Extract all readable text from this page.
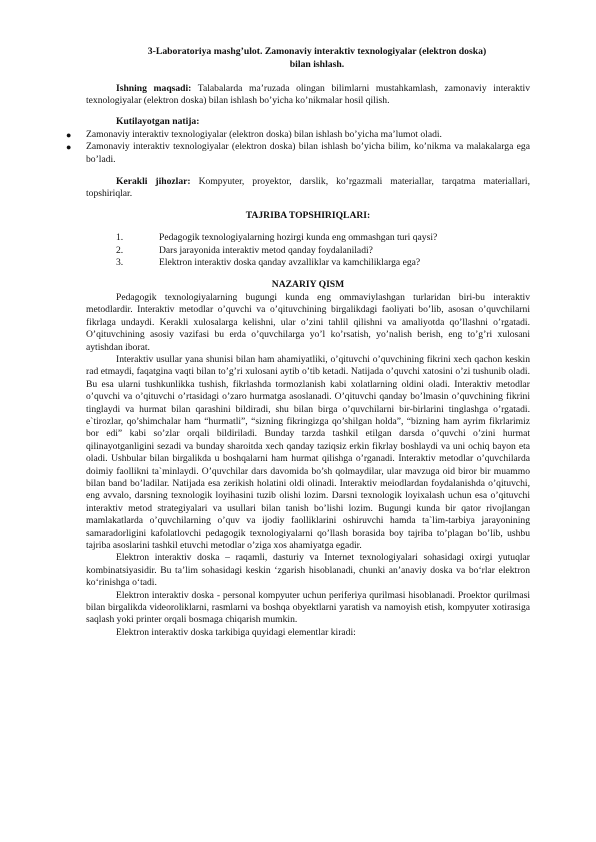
3-Laboratoriya mashg’ulot. Zamonaviy interaktiv texnologiyalar (elektron doska)
bilan ishlash.

Ishning maqsadi: Talabalarda ma’ruzada olingan bilimlarni mustahkamlash, zamonaviy interaktiv texnologiyalar (elektron doska) bilan ishlash bo’yicha ko’nikmalar hosil qilish.

Kutilayotgan natija:
● Zamonaviy interaktiv texnologiyalar (elektron doska) bilan ishlash bo’yicha ma’lumot oladi.
● Zamonaviy interaktiv texnologiyalar (elektron doska) bilan ishlash bo’yicha bilim, ko’nikma va malakalarga ega bo’ladi.

Kerakli jihozlar: Kompyuter, proyektor, darslik, ko’rgazmali materiallar, tarqatma materiallari, topshiriqlar.

TAJRIBA TOPSHIRIQLARI:
1.	Pedagogik texnologiyalarning hozirgi kunda eng ommashgan turi qaysi?
2.	Dars jarayonida interaktiv metod qanday foydalaniladi?
3.	Elektron interaktiv doska qanday avzalliklar va kamchiliklarga ega?
NAZARIY QISM
Pedagogik texnologiyalarning bugungi kunda eng ommaviylashgan turlaridan biri-bu interaktiv metodlardir. Interaktiv metodlar o’quvchi va o’qituvchining birgalikdagi faoliyati bo’lib, asosan o’quvchilarni fikrlaga undaydi. Kerakli xulosalarga kelishni, ular o’zini tahlil qilishni va amaliyotda qo’llashni o’rgatadi. O’qituvchining asosiy vazifasi bu erda o’quvchilarga yo’l ko’rsatish, yo’nalish berish, eng to’g’ri xulosani aytishdan iborat.
Interaktiv usullar yana shunisi bilan ham ahamiyatliki, o’qituvchi o’quvchining fikrini xech qachon keskin rad etmaydi, faqatgina vaqti bilan to’g’ri xulosani aytib o’tib ketadi. Natijada o’quvchi xatosini o’zi tushunib oladi. Bu esa ularni tushkunlikka tushish, fikrlashda tormozlanish kabi xolatlarning oldini oladi. Interaktiv metodlar o’quvchi va o’qituvchi o’rtasidagi o’zaro hurmatga asoslanadi. O’qituvchi qanday bo’lmasin o’quvchining fikrini tinglaydi va hurmat bilan qarashini bildiradi, shu bilan birga o’quvchilarni bir-birlarini tinglashga o’rgatadi. e`tirozlar, qo’shimchalar ham “hurmatli”, “sizning fikringizga qo’shilgan holda”, “bizning ham ayrim fikrlarimiz bor edi” kabi so’zlar orqali bildiriladi. Bunday tarzda tashkil etilgan darsda o’quvchi o’zini hurmat qilinayotganligini sezadi va bunday sharoitda xech qanday taziqsiz erkin fikrlay boshlaydi va uni ochiq bayon eta oladi. Ushbular bilan birgalikda u boshqalarni ham hurmat qilishga o’rganadi. Interaktiv metodlar o’quvchilarda doimiy faollikni ta`minlaydi. O’quvchilar dars davomida bo’sh qolmaydilar, ular mavzuga oid biror bir muammo bilan band bo’ladilar. Natijada esa zerikish holatini oldi olinadi. Interaktiv meiodlardan foydalanishda o’qituvchi, eng avvalo, darsning texnologik loyihasini tuzib olishi lozim. Darsni texnologik loyixalash uchun esa o’qituvchi interaktiv metod strategiyalari va usullari bilan tanish bo’lishi lozim. Bugungi kunda bir qator rivojlangan mamlakatlarda o’quvchilarning o’quv va ijodiy faolliklarini oshiruvchi hamda ta`lim-tarbiya jarayonining samaradorligini kafolatlovchi pedagogik texnologiyalarni qo’llash borasida boy tajriba to’plagan bo’lib, ushbu tajriba asoslarini tashkil etuvchi metodlar o’ziga xos ahamiyatga egadir.
Elektron interaktiv doska – raqamli, dasturiy va Internet texnologiyalari sohasidagi oxirgi yutuqlar kombinatsiyasidir. Bu ta’lim sohasidagi keskin ‘zgarish hisoblanadi, chunki an’anaviy doska va bo‘rlar elektron ko‘rinishga o‘tadi.
Elektron interaktiv doska - personal kompyuter uchun periferiya qurilmasi hisoblanadi. Proektor qurilmasi bilan birgalikda videoroliklarni, rasmlarni va boshqa obyektlarni yaratish va namoyish etish, kompyuter xotirasiga saqlash yoki printer orqali bosmaga chiqarish mumkin.
Elektron interaktiv doska tarkibiga quyidagi elementlar kiradi:
